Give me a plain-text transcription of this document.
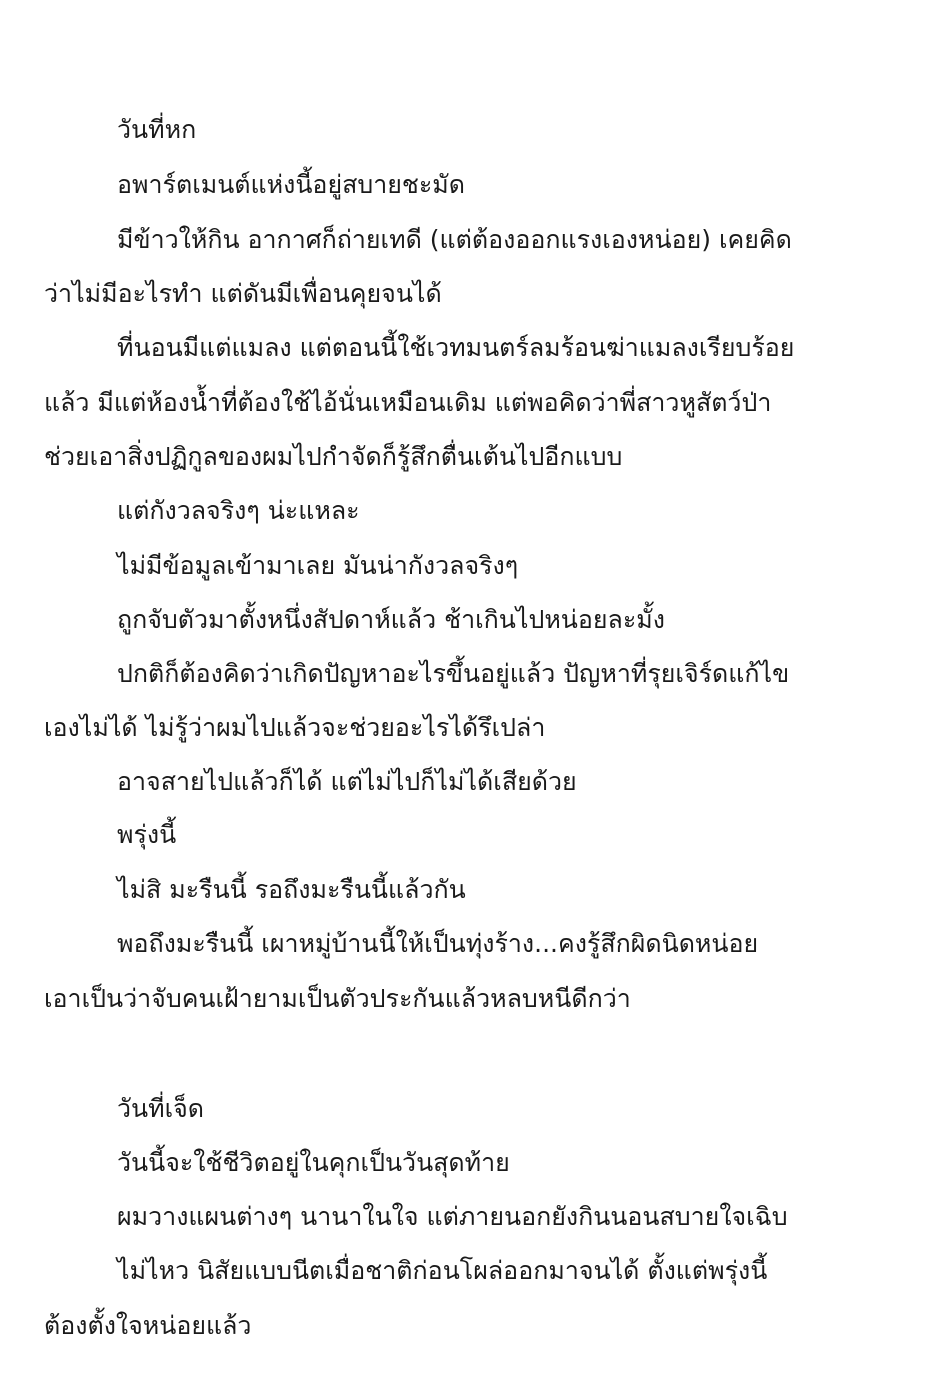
วันที่หก
อพาร์ตเมนต์แห่งนี้อยู่สบายชะมัด
มีข้าวให้กิน อากาศก็ถ่ายเทดี (แต่ต้องออกแรงเองหน่อย) เคยคิด
ว่าไม่มีอะไรทำ แต่ดันมีเพื่อนคุยจนได้
ที่นอนมีแต่แมลง แต่ตอนนี้ใช้เวทมนตร์ลมร้อนฆ่าแมลงเรียบร้อย
แล้ว มีแต่ห้องน้ำที่ต้องใช้ไอ้นั่นเหมือนเดิม แต่พอคิดว่าพี่สาวหูสัตว์ป่า
ช่วยเอาสิ่งปฏิกูลของผมไปกำจัดก็รู้สึกตื่นเต้นไปอีกแบบ
แต่กังวลจริงๆ น่ะแหละ
ไม่มีข้อมูลเข้ามาเลย มันน่ากังวลจริงๆ
ถูกจับตัวมาตั้งหนึ่งสัปดาห์แล้ว ช้าเกินไปหน่อยละมั้ง
ปกติก็ต้องคิดว่าเกิดปัญหาอะไรขึ้นอยู่แล้ว ปัญหาที่รุยเจิร์ดแก้ไข
เองไม่ได้ ไม่รู้ว่าผมไปแล้วจะช่วยอะไรได้รึเปล่า
อาจสายไปแล้วก็ได้ แต่ไม่ไปก็ไม่ได้เสียด้วย
พรุ่งนี้
ไม่สิ มะรืนนี้ รอถึงมะรืนนี้แล้วกัน
พอถึงมะรืนนี้ เผาหมู่บ้านนี้ให้เป็นทุ่งร้าง...คงรู้สึกผิดนิดหน่อย
เอาเป็นว่าจับคนเฝ้ายามเป็นตัวประกันแล้วหลบหนีดีกว่า
วันที่เจ็ด
วันนี้จะใช้ชีวิตอยู่ในคุกเป็นวันสุดท้าย
ผมวางแผนต่างๆ นานาในใจ แต่ภายนอกยังกินนอนสบายใจเฉิบ
ไม่ไหว นิสัยแบบนีตเมื่อชาติก่อนโผล่ออกมาจนได้ ตั้งแต่พรุ่งนี้
ต้องตั้งใจหน่อยแล้ว
